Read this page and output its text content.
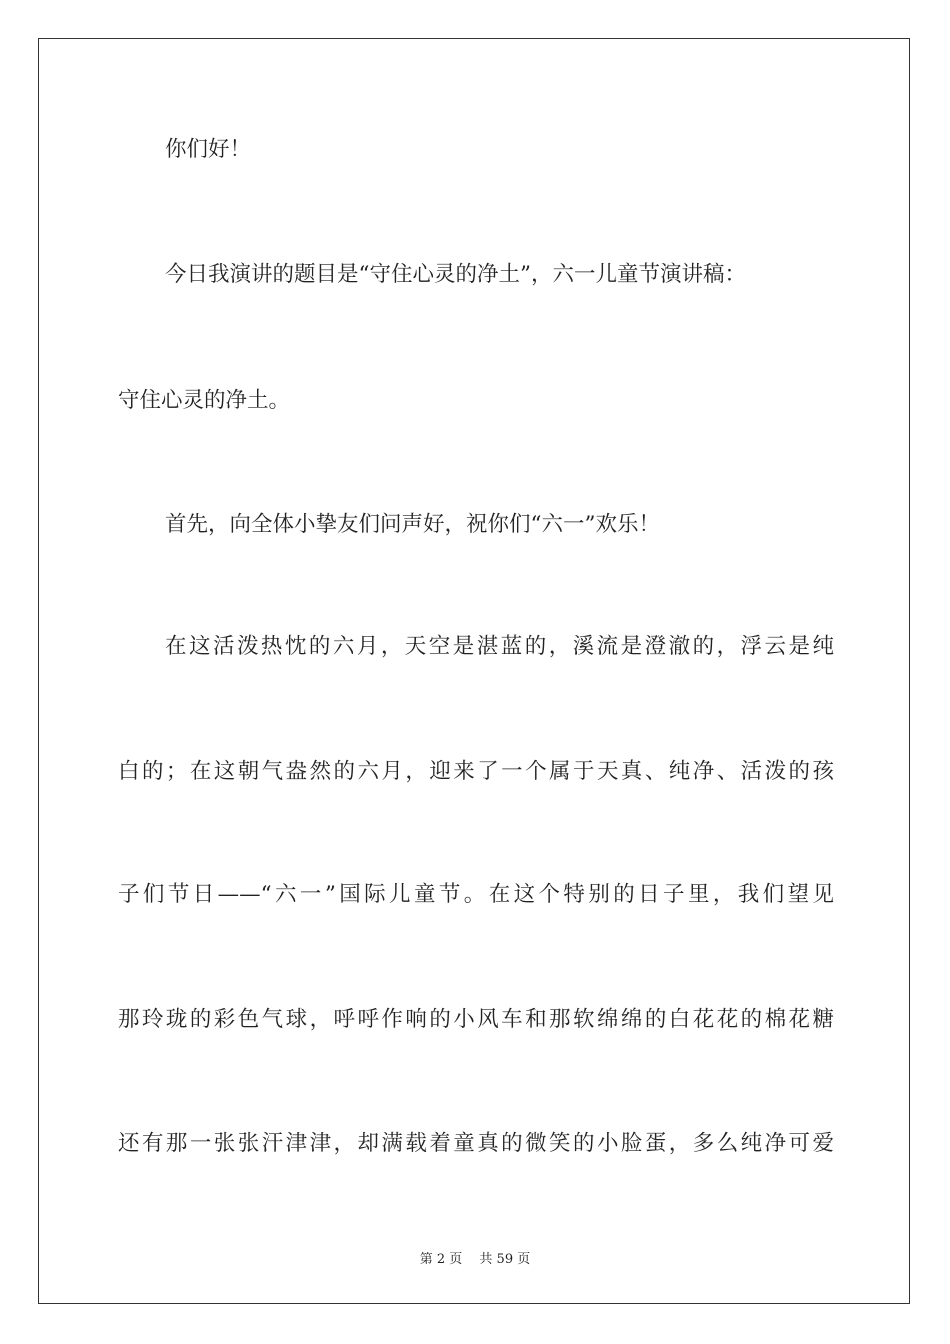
你们好！
今日我演讲的题目是“守住心灵的净土”，六一儿童节演讲稿：
守住心灵的净土。
首先，向全体小挚友们问声好，祝你们“六一”欢乐！
在这活泼热忱的六月，天空是湛蓝的，溪流是澄澈的，浮云是纯
白的；在这朝气盎然的六月，迎来了一个属于天真、纯净、活泼的孩
子们节日——“六一”国际儿童节。在这个特别的日子里，我们望见
那玲珑的彩色气球，呼呼作响的小风车和那软绵绵的白花花的棉花糖
还有那一张张汗津津，却满载着童真的微笑的小脸蛋，多么纯净可爱
第 2 页　 共 59 页
